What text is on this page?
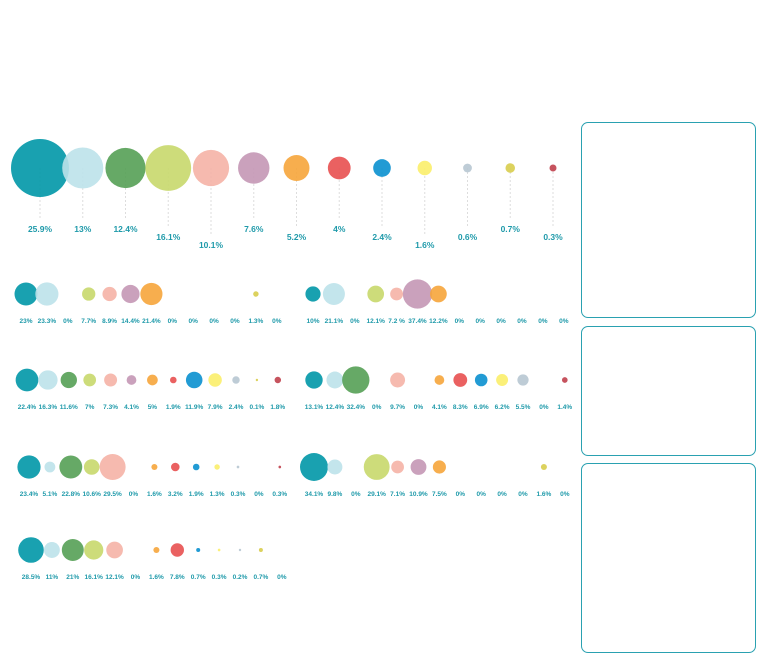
25.9%	13%	12.4%
16.1%
10.1%
7.6%
5.2%
4%
2.4%
1.6%
0.6%
0.7%
0.3%
23% 23.3% 0% 7.7% 8.9% 14.4% 21.4% 0% 0% 0% 0% 1.3% 0%	10% 21.1% 0% 12.1% 7.2 % 37.4% 12.2% 0% 0% 0% 0% 0% 0%
22.4% 16.3% 11.6% 7% 7.3% 4.1% 5% 1.9% 11.9% 7.9% 2.4% 0.1% 1.8%	13.1% 12.4% 32.4% 0% 9.7% 0% 4.1% 8.3% 6.9% 6.2% 5.5% 0% 1.4%
23.4% 5.1% 22.8% 10.6% 29.5% 0% 1.6% 3.2% 1.9% 1.3% 0.3% 0% 0.3%	34.1% 9.8% 0% 29.1% 7.1% 10.9% 7.5% 0% 0% 0% 0% 1.6% 0%
28.5% 11% 21% 16.1% 12.1% 0% 1.6% 7.8% 0.7% 0.3% 0.2% 0.7% 0%
